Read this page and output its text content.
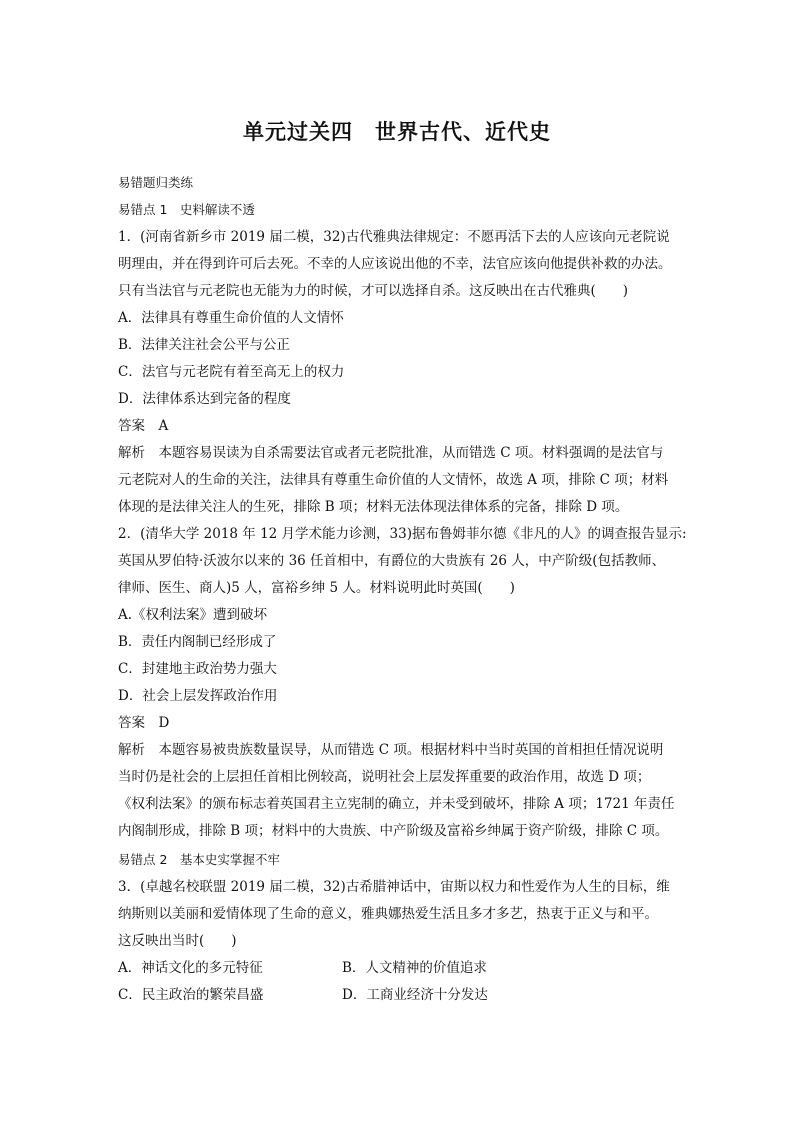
单元过关四　世界古代、近代史
易错题归类练
易错点 1　史料解读不透
1．(河南省新乡市 2019 届二模，32)古代雅典法律规定：不愿再活下去的人应该向元老院说
明理由，并在得到许可后去死。不幸的人应该说出他的不幸，法官应该向他提供补救的办法。
只有当法官与元老院也无能为力的时候，才可以选择自杀。这反映出在古代雅典(　　)
A．法律具有尊重生命价值的人文情怀
B．法律关注社会公平与公正
C．法官与元老院有着至高无上的权力
D．法律体系达到完备的程度
答案　A
解析　本题容易误读为自杀需要法官或者元老院批准，从而错选 C 项。材料强调的是法官与
元老院对人的生命的关注，法律具有尊重生命价值的人文情怀，故选 A 项，排除 C 项；材料
体现的是法律关注人的生死，排除 B 项；材料无法体现法律体系的完备，排除 D 项。
2．(清华大学 2018 年 12 月学术能力诊测，33)据布鲁姆菲尔德《非凡的人》的调查报告显示:
英国从罗伯特·沃波尔以来的 36 任首相中，有爵位的大贵族有 26 人，中产阶级(包括教师、
律师、医生、商人)5 人，富裕乡绅 5 人。材料说明此时英国(　　)
A.《权利法案》遭到破坏
B．责任内阁制已经形成了
C．封建地主政治势力强大
D．社会上层发挥政治作用
答案　D
解析　本题容易被贵族数量误导，从而错选 C 项。根据材料中当时英国的首相担任情况说明
当时仍是社会的上层担任首相比例较高，说明社会上层发挥重要的政治作用，故选 D 项；
《权利法案》的颁布标志着英国君主立宪制的确立，并未受到破坏，排除 A 项；1721 年责任
内阁制形成，排除 B 项；材料中的大贵族、中产阶级及富裕乡绅属于资产阶级，排除 C 项。
易错点 2　基本史实掌握不牢
3．(卓越名校联盟 2019 届二模，32)古希腊神话中，宙斯以权力和性爱作为人生的目标，维
纳斯则以美丽和爱情体现了生命的意义，雅典娜热爱生活且多才多艺，热衷于正义与和平。
这反映出当时(　　)
A．神话文化的多元特征	B．人文精神的价值追求
C．民主政治的繁荣昌盛	D．工商业经济十分发达
